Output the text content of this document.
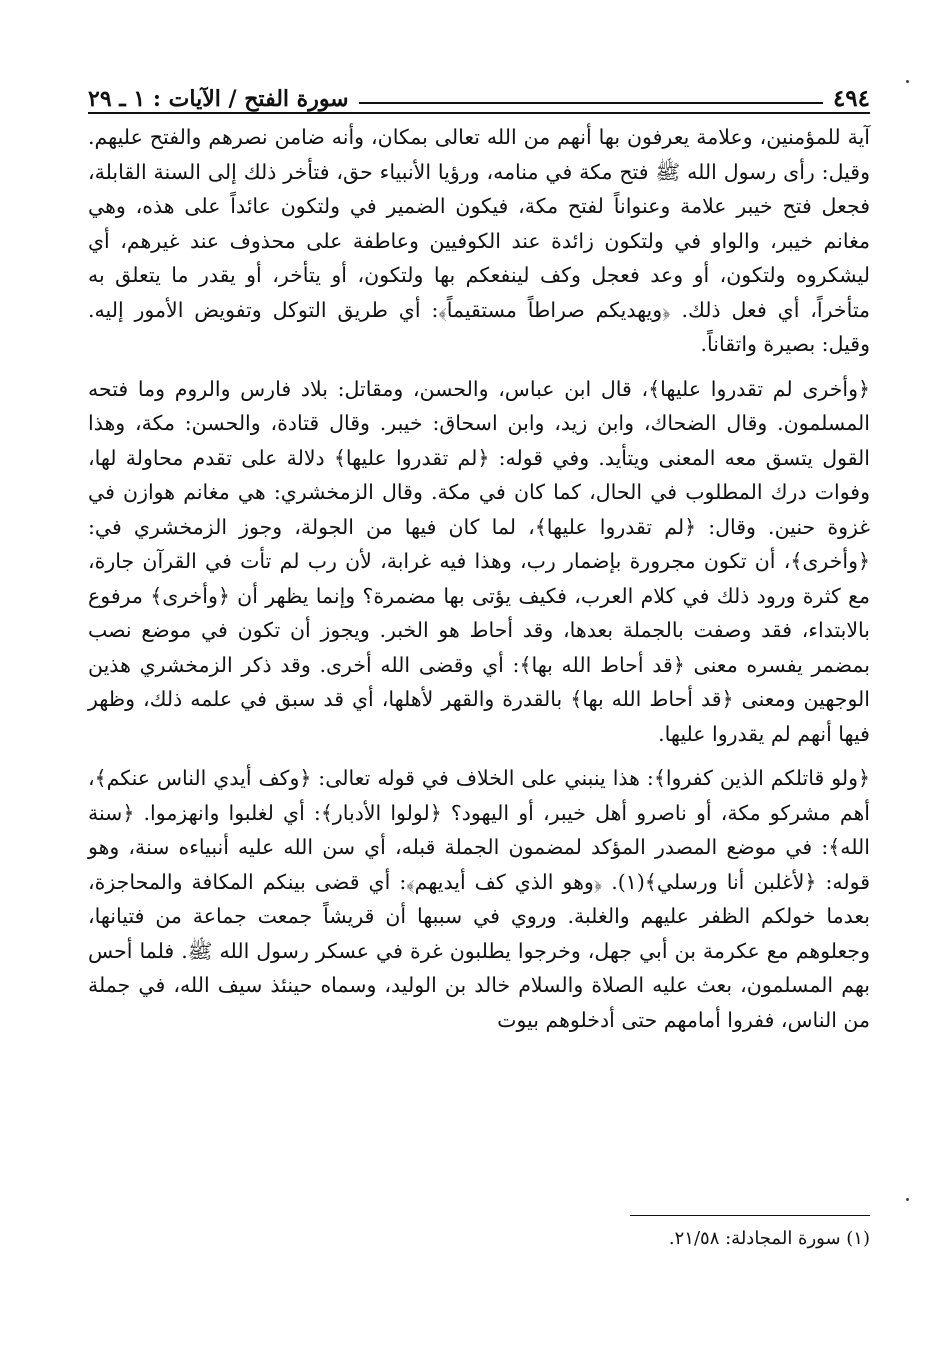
٤٩٤
سورة الفتح / الآيات : ١ ـ ٢٩

آية للمؤمنين، وعلامة يعرفون بها أنهم من الله تعالى بمكان، وأنه ضامن نصرهم والفتح عليهم. وقيل: رأى رسول الله ﷺ فتح مكة في منامه، ورؤيا الأنبياء حق، فتأخر ذلك إلى السنة القابلة، فجعل فتح خيبر علامة وعنواناً لفتح مكة، فيكون الضمير في ولتكون عائداً على هذه، وهي مغانم خيبر، والواو في ولتكون زائدة عند الكوفيين وعاطفة على محذوف عند غيرهم، أي ليشكروه ولتكون، أو وعد فعجل وكف لينفعكم بها ولتكون، أو يتأخر، أو يقدر ما يتعلق به متأخراً، أي فعل ذلك. ﴿ويهديكم صراطاً مستقيماً﴾: أي طريق التوكل وتفويض الأمور إليه. وقيل: بصيرة واتقاناً.

﴿وأخرى لم تقدروا عليها﴾، قال ابن عباس، والحسن، ومقاتل: بلاد فارس والروم وما فتحه المسلمون. وقال الضحاك، وابن زيد، وابن اسحاق: خيبر. وقال قتادة، والحسن: مكة، وهذا القول يتسق معه المعنى ويتأيد. وفي قوله: ﴿لم تقدروا عليها﴾ دلالة على تقدم محاولة لها، وفوات درك المطلوب في الحال، كما كان في مكة. وقال الزمخشري: هي مغانم هوازن في غزوة حنين. وقال: ﴿لم تقدروا عليها﴾، لما كان فيها من الجولة، وجوز الزمخشري في: ﴿وأخرى﴾، أن تكون مجرورة بإضمار رب، وهذا فيه غرابة، لأن رب لم تأت في القرآن جارة، مع كثرة ورود ذلك في كلام العرب، فكيف يؤتى بها مضمرة؟ وإنما يظهر أن ﴿وأخرى﴾ مرفوع بالابتداء، فقد وصفت بالجملة بعدها، وقد أحاط هو الخبر. ويجوز أن تكون في موضع نصب بمضمر يفسره معنى ﴿قد أحاط الله بها﴾: أي وقضى الله أخرى. وقد ذكر الزمخشري هذين الوجهين ومعنى ﴿قد أحاط الله بها﴾ بالقدرة والقهر لأهلها، أي قد سبق في علمه ذلك، وظهر فيها أنهم لم يقدروا عليها.

﴿ولو قاتلكم الذين كفروا﴾: هذا ينبني على الخلاف في قوله تعالى: ﴿وكف أيدي الناس عنكم﴾، أهم مشركو مكة، أو ناصرو أهل خيبر، أو اليهود؟ ﴿لولوا الأدبار﴾: أي لغلبوا وانهزموا. ﴿سنة الله﴾: في موضع المصدر المؤكد لمضمون الجملة قبله، أي سن الله عليه أنبياءه سنة، وهو قوله: ﴿لأغلبن أنا ورسلي﴾(١). ﴿وهو الذي كف أيديهم﴾: أي قضى بينكم المكافة والمحاجزة، بعدما خولكم الظفر عليهم والغلبة. وروي في سببها أن قريشاً جمعت جماعة من فتيانها، وجعلوهم مع عكرمة بن أبي جهل، وخرجوا يطلبون غرة في عسكر رسول الله ﷺ. فلما أحس بهم المسلمون، بعث عليه الصلاة والسلام خالد بن الوليد، وسماه حينئذ سيف الله، في جملة من الناس، ففروا أمامهم حتى أدخلوهم بيوت

(١) سورة المجادلة: ٢١/٥٨.
